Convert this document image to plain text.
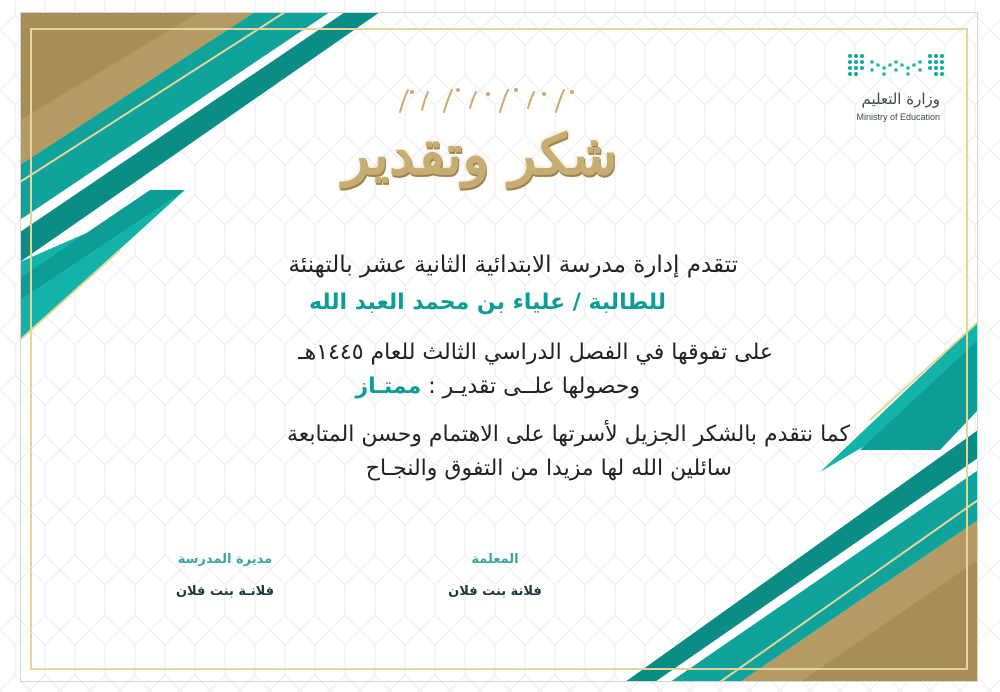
وزارة التعليم
Ministry of Education
شكر وتقدير
تتقدم إدارة مدرسة الابتدائية الثانية عشر بالتهنئة
للطالبة / علياء بن محمد العبد الله
على تفوقها في الفصل الدراسي الثالث للعام ١٤٤٥هـ
وحصولها علــى تقديـر : ممتـاز
كما نتقدم بالشكر الجزيل لأسرتها على الاهتمام وحسن المتابعة
سائلين الله لها مزيدا من التفوق والنجـاح
مديرة المدرسة
فلانـة بنت فلان
المعلمة
فلانة بنت فلان
